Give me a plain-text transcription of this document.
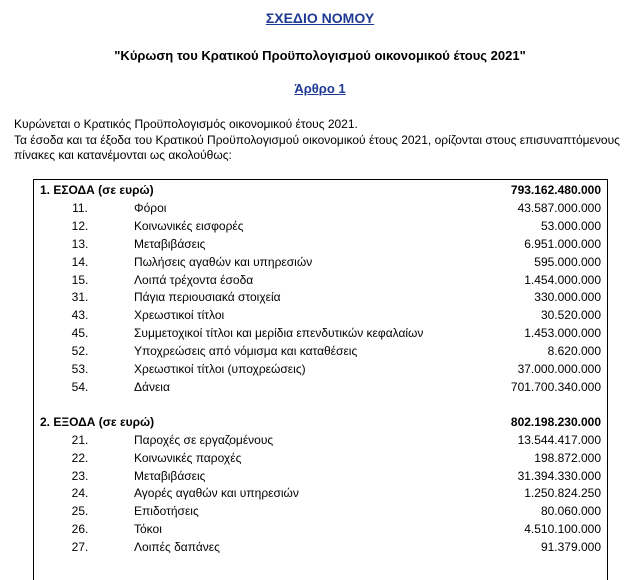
ΣΧΕΔΙΟ ΝΟΜΟΥ
"Κύρωση του Κρατικού Προϋπολογισμού οικονομικού έτους 2021"
Άρθρο 1
Κυρώνεται ο Κρατικός Προϋπολογισμός οικονομικού έτους 2021.
Τα έσοδα και τα έξοδα του Κρατικού Προϋπολογισμού οικονομικού έτους 2021, ορίζονται στους επισυναπτόμενους πίνακες και κατανέμονται ως ακολούθως:
1. ΕΣΟΔΑ (σε ευρώ)	793.162.480.000
11.	Φόροι	43.587.000.000
12.	Κοινωνικές εισφορές	53.000.000
13.	Μεταβιβάσεις	6.951.000.000
14.	Πωλήσεις αγαθών και υπηρεσιών	595.000.000
15.	Λοιπά τρέχοντα έσοδα	1.454.000.000
31.	Πάγια περιουσιακά στοιχεία	330.000.000
43.	Χρεωστικοί τίτλοι	30.520.000
45.	Συμμετοχικοί τίτλοι και μερίδια επενδυτικών κεφαλαίων	1.453.000.000
52.	Υποχρεώσεις από νόμισμα και καταθέσεις	8.620.000
53.	Χρεωστικοί τίτλοι (υποχρεώσεις)	37.000.000.000
54.	Δάνεια	701.700.340.000
2. ΕΞΟΔΑ (σε ευρώ)	802.198.230.000
21.	Παροχές σε εργαζομένους	13.544.417.000
22.	Κοινωνικές παροχές	198.872.000
23.	Μεταβιβάσεις	31.394.330.000
24.	Αγορές αγαθών και υπηρεσιών	1.250.824.250
25.	Επιδοτήσεις	80.060.000
26.	Τόκοι	4.510.100.000
27.	Λοιπές δαπάνες	91.379.000
